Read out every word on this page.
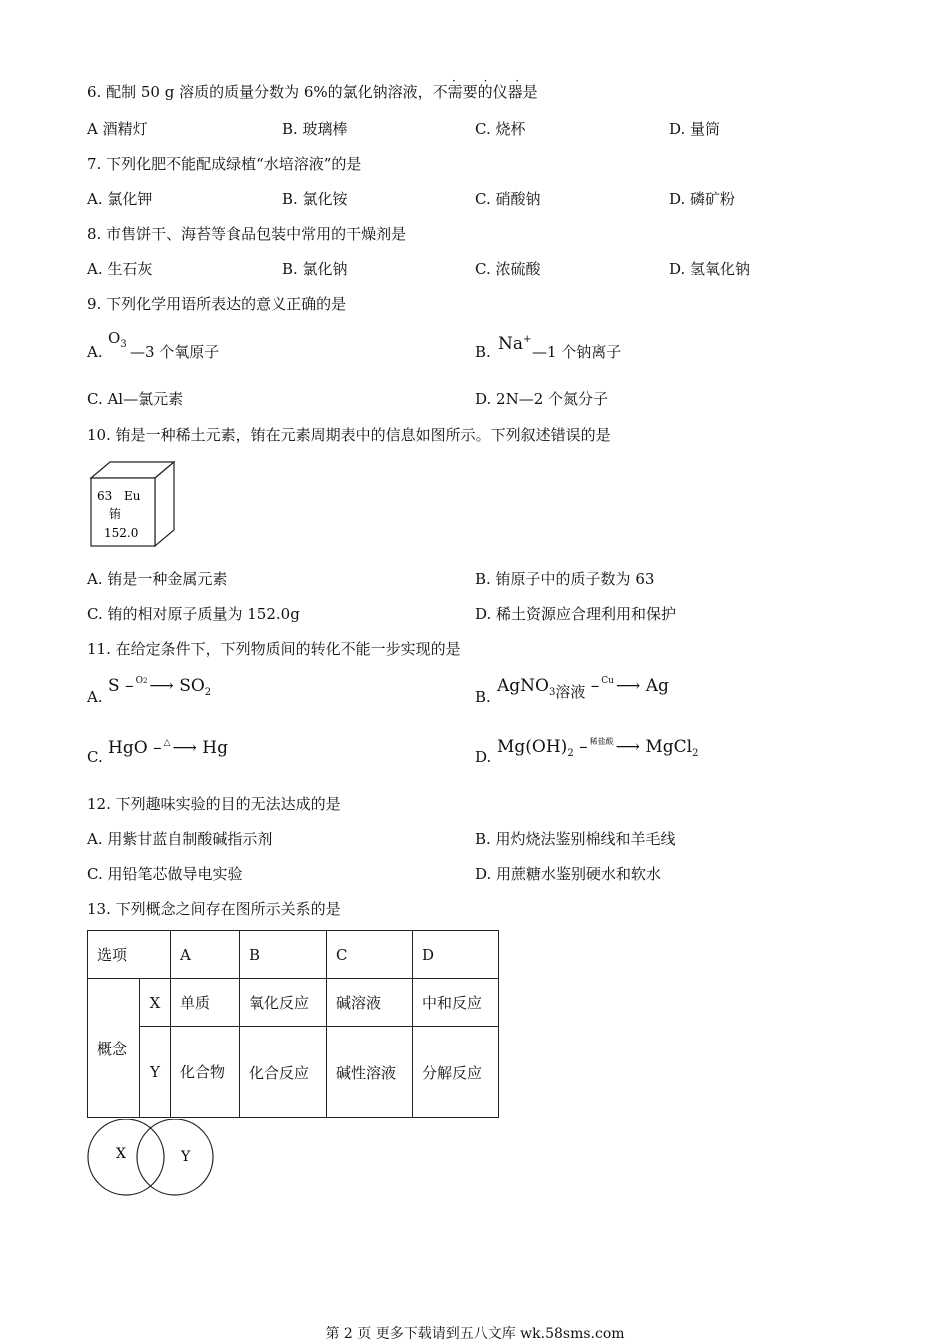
· · ·
6. 配制 50 g 溶质的质量分数为 6%的氯化钠溶液，不需要的仪器是
A 酒精灯	B. 玻璃棒	C. 烧杯	D. 量筒
7. 下列化肥不能配成绿植“水培溶液”的是
A. 氯化钾	B. 氯化铵	C. 硝酸钠	D. 磷矿粉
8. 市售饼干、海苔等食品包装中常用的干燥剂是
A. 生石灰	B. 氯化钠	C. 浓硫酸	D. 氢氧化钠
9. 下列化学用语所表达的意义正确的是
A.
$O_3$ —3 个氧原子	B. Na+
—1 个钠离子
C. Al—氯元素	D. 2N—2 个氮分子
10. 铕是一种稀土元素，铕在元素周期表中的信息如图所示。下列叙述错误的是
63 Eu
铕
152.0
A. 铕是一种金属元素	B. 铕原子中的质子数为 63
C. 铕的相对原子质量为 152.0g	D. 稀土资源应合理利用和保护
11. 在给定条件下，下列物质间的转化不能一步实现的是
A.
S – $^{O2}$ ⟶ $SO_2$	B.
AgNO$_3$溶液 – $^{Cu}$ ⟶ Ag
C. HgO – △ ⟶ Hg	D. $Mg(OH)_2 - ^{稀盐酸}$ ⟶ MgCl$_2$
12. 下列趣味实验的目的无法达成的是
A. 用紫甘蓝自制酸碱指示剂	B. 用灼烧法鉴别棉线和羊毛线
C. 用铅笔芯做导电实验	D. 用蔗糖水鉴别硬水和软水
13. 下列概念之间存在图所示关系的是
选项		A	B	C	D
概念	X	单质	氧化反应	碱溶液	中和反应
	Y	化合物	化合反应	碱性溶液	分解反应
X	Y
第 2 页 更多下载请到五八文库 wk.58sms.com
